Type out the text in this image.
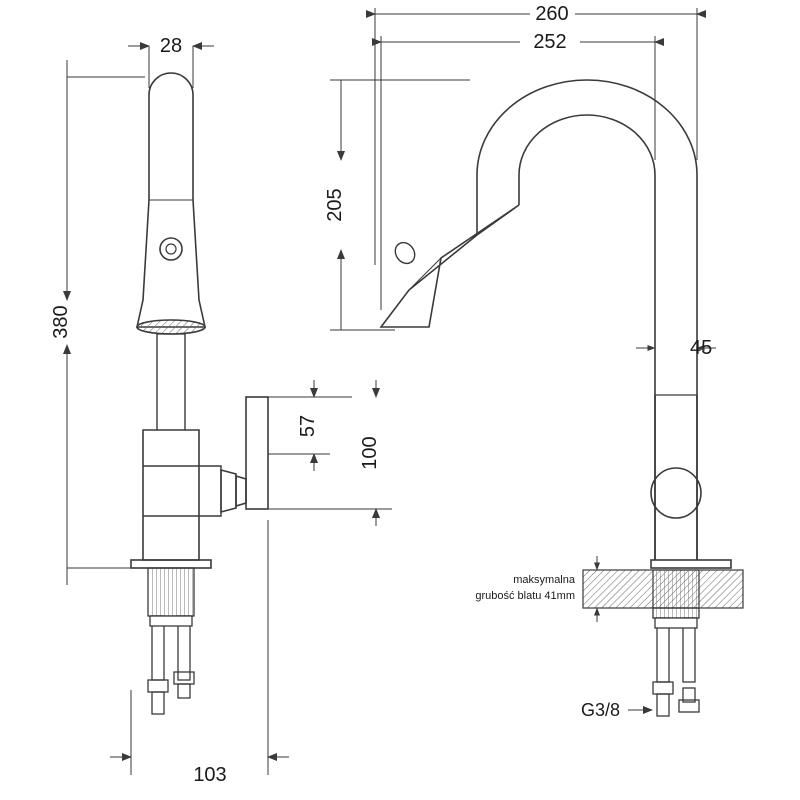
28
380
103
57
100
260
252
205
45
maksymalna
grubość blatu 41mm
G3/8
